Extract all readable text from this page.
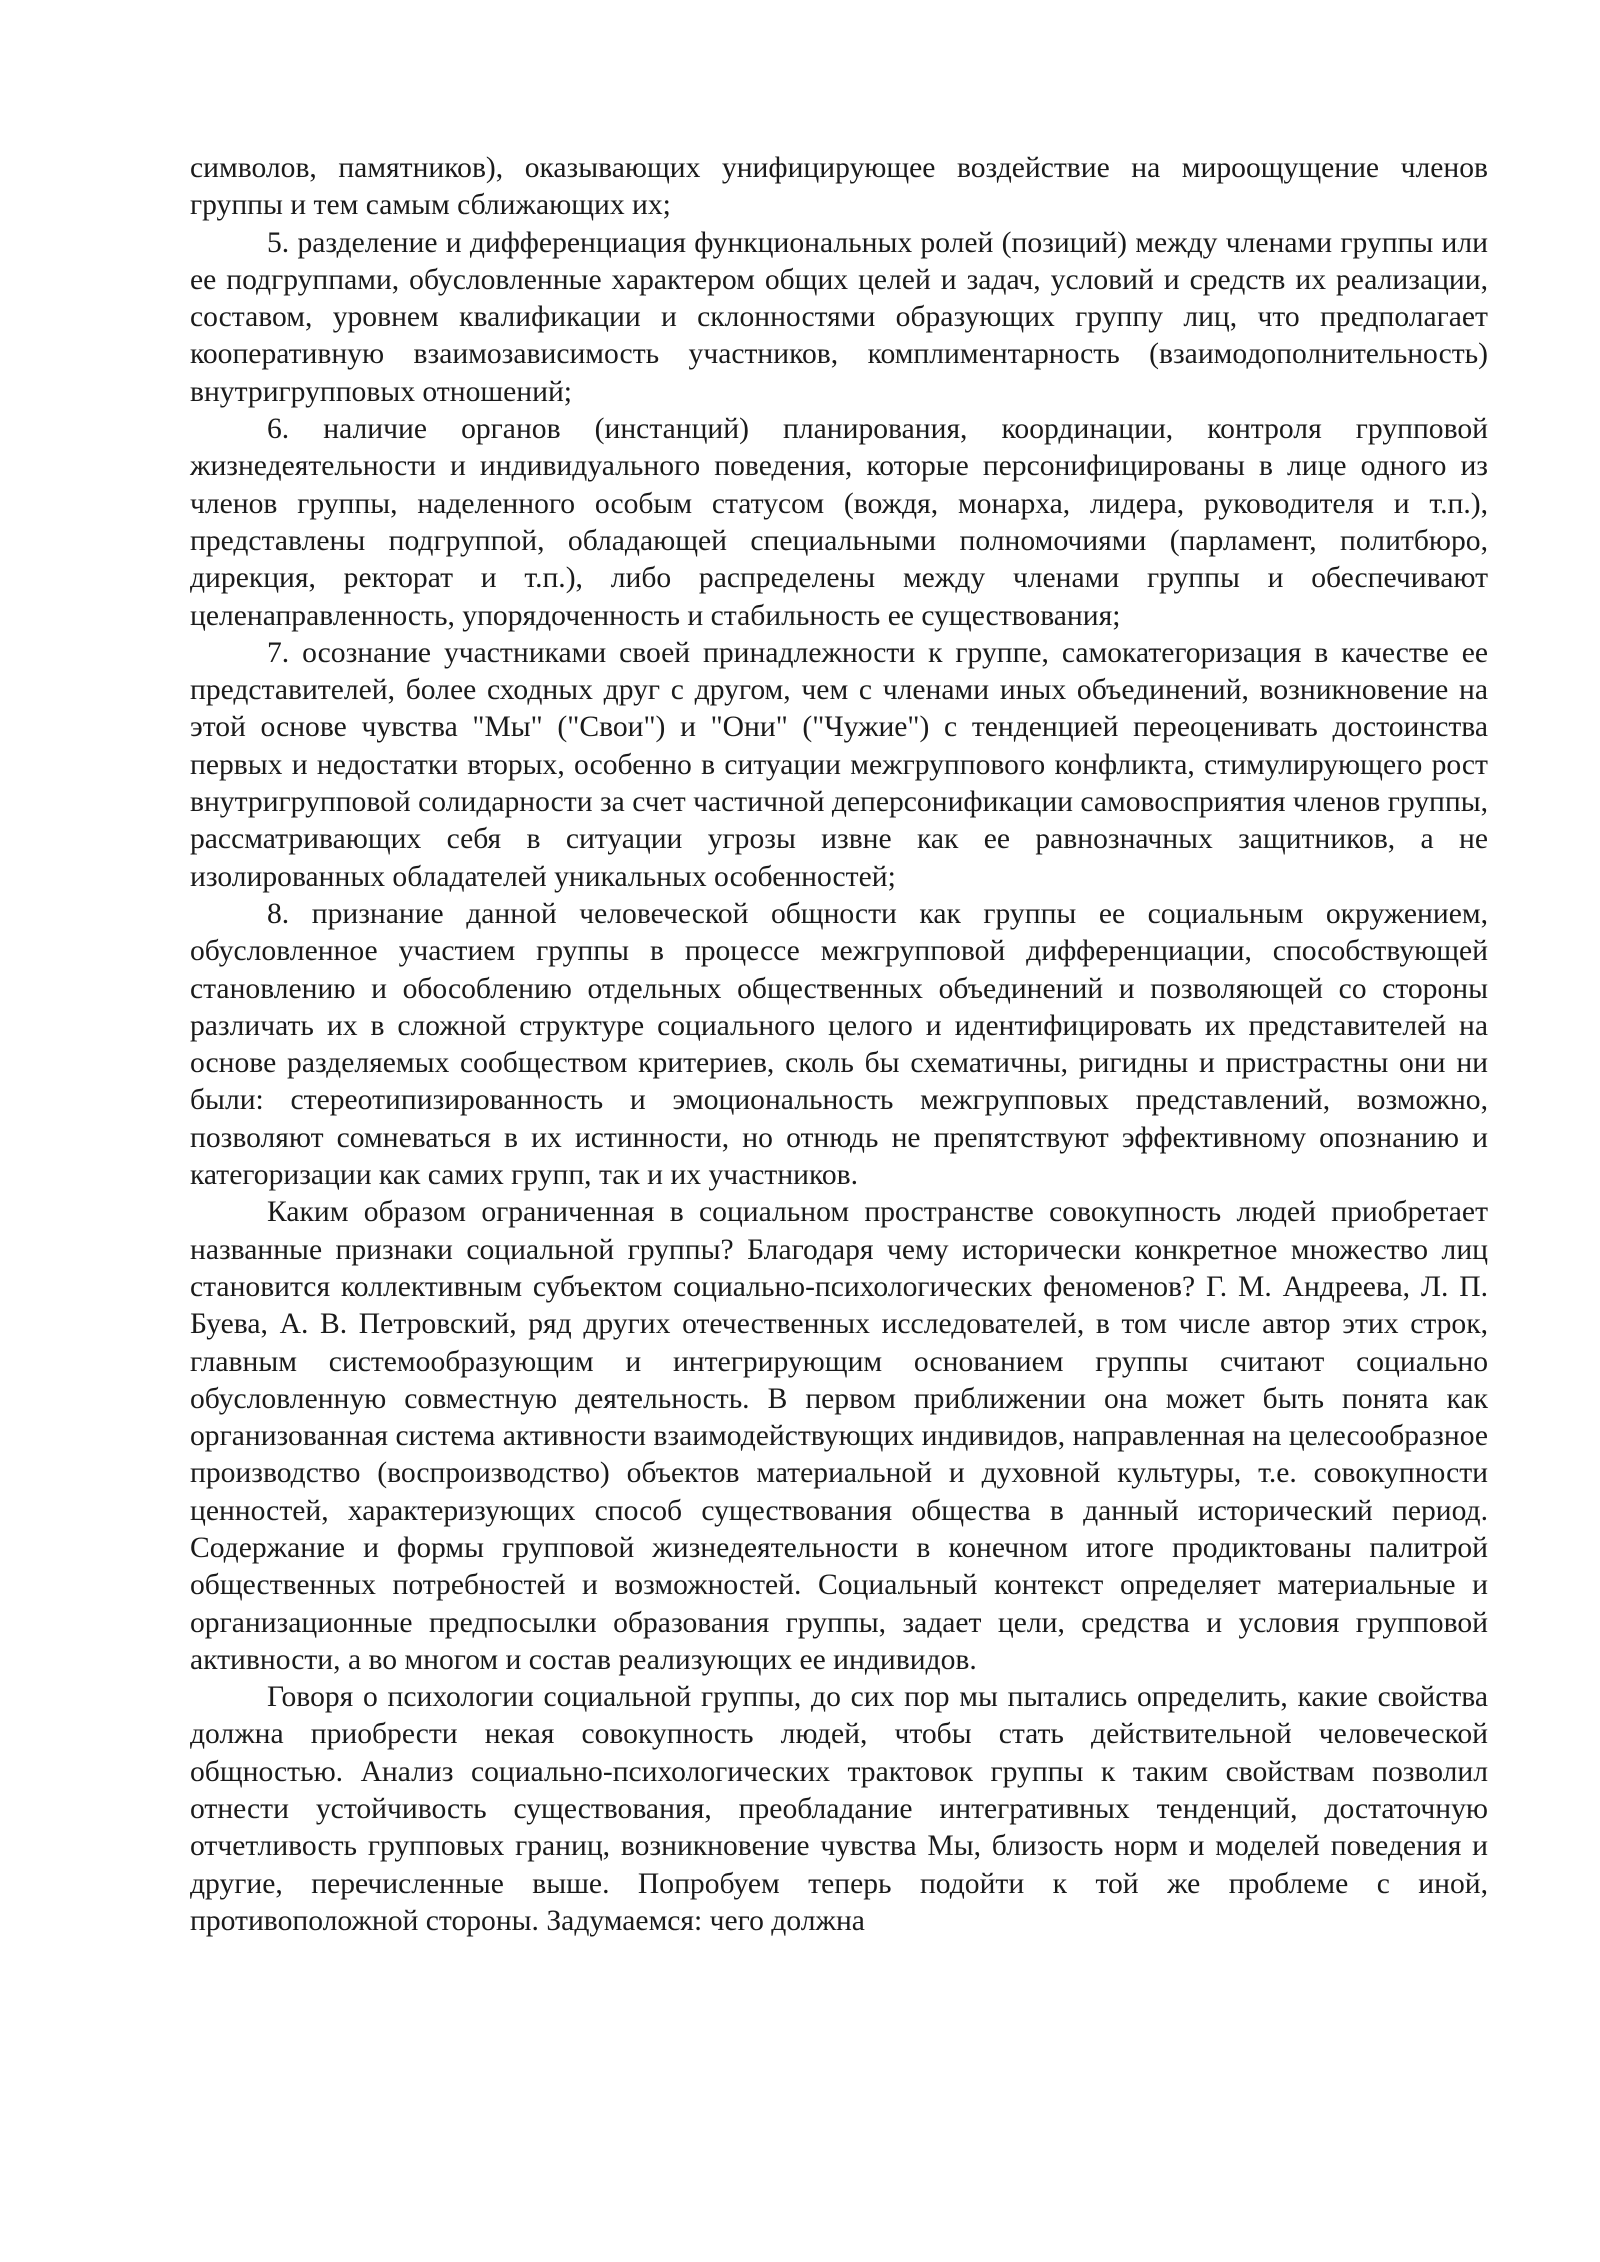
символов, памятников), оказывающих унифицирующее воздействие на мироощущение членов группы и тем самым сближающих их;

5. разделение и дифференциация функциональных ролей (позиций) между членами группы или ее подгруппами, обусловленные характером общих целей и задач, условий и средств их реализации, составом, уровнем квалификации и склонностями образующих группу лиц, что предполагает кооперативную взаимозависимость участников, комплиментарность (взаимодополнительность) внутригрупповых отношений;

6. наличие органов (инстанций) планирования, координации, контроля групповой жизнедеятельности и индивидуального поведения, которые персонифицированы в лице одного из членов группы, наделенного особым статусом (вождя, монарха, лидера, руководителя и т.п.), представлены подгруппой, обладающей специальными полномочиями (парламент, политбюро, дирекция, ректорат и т.п.), либо распределены между членами группы и обеспечивают целенаправленность, упорядоченность и стабильность ее существования;

7. осознание участниками своей принадлежности к группе, самокатегоризация в качестве ее представителей, более сходных друг с другом, чем с членами иных объединений, возникновение на этой основе чувства "Мы" ("Свои") и "Они" ("Чужие") с тенденцией переоценивать достоинства первых и недостатки вторых, особенно в ситуации межгруппового конфликта, стимулирующего рост внутригрупповой солидарности за счет частичной деперсонификации самовосприятия членов группы, рассматривающих себя в ситуации угрозы извне как ее равнозначных защитников, а не изолированных обладателей уникальных особенностей;

8. признание данной человеческой общности как группы ее социальным окружением, обусловленное участием группы в процессе межгрупповой дифференциации, способствующей становлению и обособлению отдельных общественных объединений и позволяющей со стороны различать их в сложной структуре социального целого и идентифицировать их представителей на основе разделяемых сообществом критериев, сколь бы схематичны, ригидны и пристрастны они ни были: стереотипизированность и эмоциональность межгрупповых представлений, возможно, позволяют сомневаться в их истинности, но отнюдь не препятствуют эффективному опознанию и категоризации как самих групп, так и их участников.

Каким образом ограниченная в социальном пространстве совокупность людей приобретает названные признаки социальной группы? Благодаря чему исторически конкретное множество лиц становится коллективным субъектом социально-психологических феноменов? Г. М. Андреева, Л. П. Буева, А. В. Петровский, ряд других отечественных исследователей, в том числе автор этих строк, главным системообразующим и интегрирующим основанием группы считают социально обусловленную совместную деятельность. В первом приближении она может быть понята как организованная система активности взаимодействующих индивидов, направленная на целесообразное производство (воспроизводство) объектов материальной и духовной культуры, т.е. совокупности ценностей, характеризующих способ существования общества в данный исторический период. Содержание и формы групповой жизнедеятельности в конечном итоге продиктованы палитрой общественных потребностей и возможностей. Социальный контекст определяет материальные и организационные предпосылки образования группы, задает цели, средства и условия групповой активности, а во многом и состав реализующих ее индивидов.

Говоря о психологии социальной группы, до сих пор мы пытались определить, какие свойства должна приобрести некая совокупность людей, чтобы стать действительной человеческой общностью. Анализ социально-психологических трактовок группы к таким свойствам позволил отнести устойчивость существования, преобладание интегративных тенденций, достаточную отчетливость групповых границ, возникновение чувства Мы, близость норм и моделей поведения и другие, перечисленные выше. Попробуем теперь подойти к той же проблеме с иной, противоположной стороны. Задумаемся: чего должна
